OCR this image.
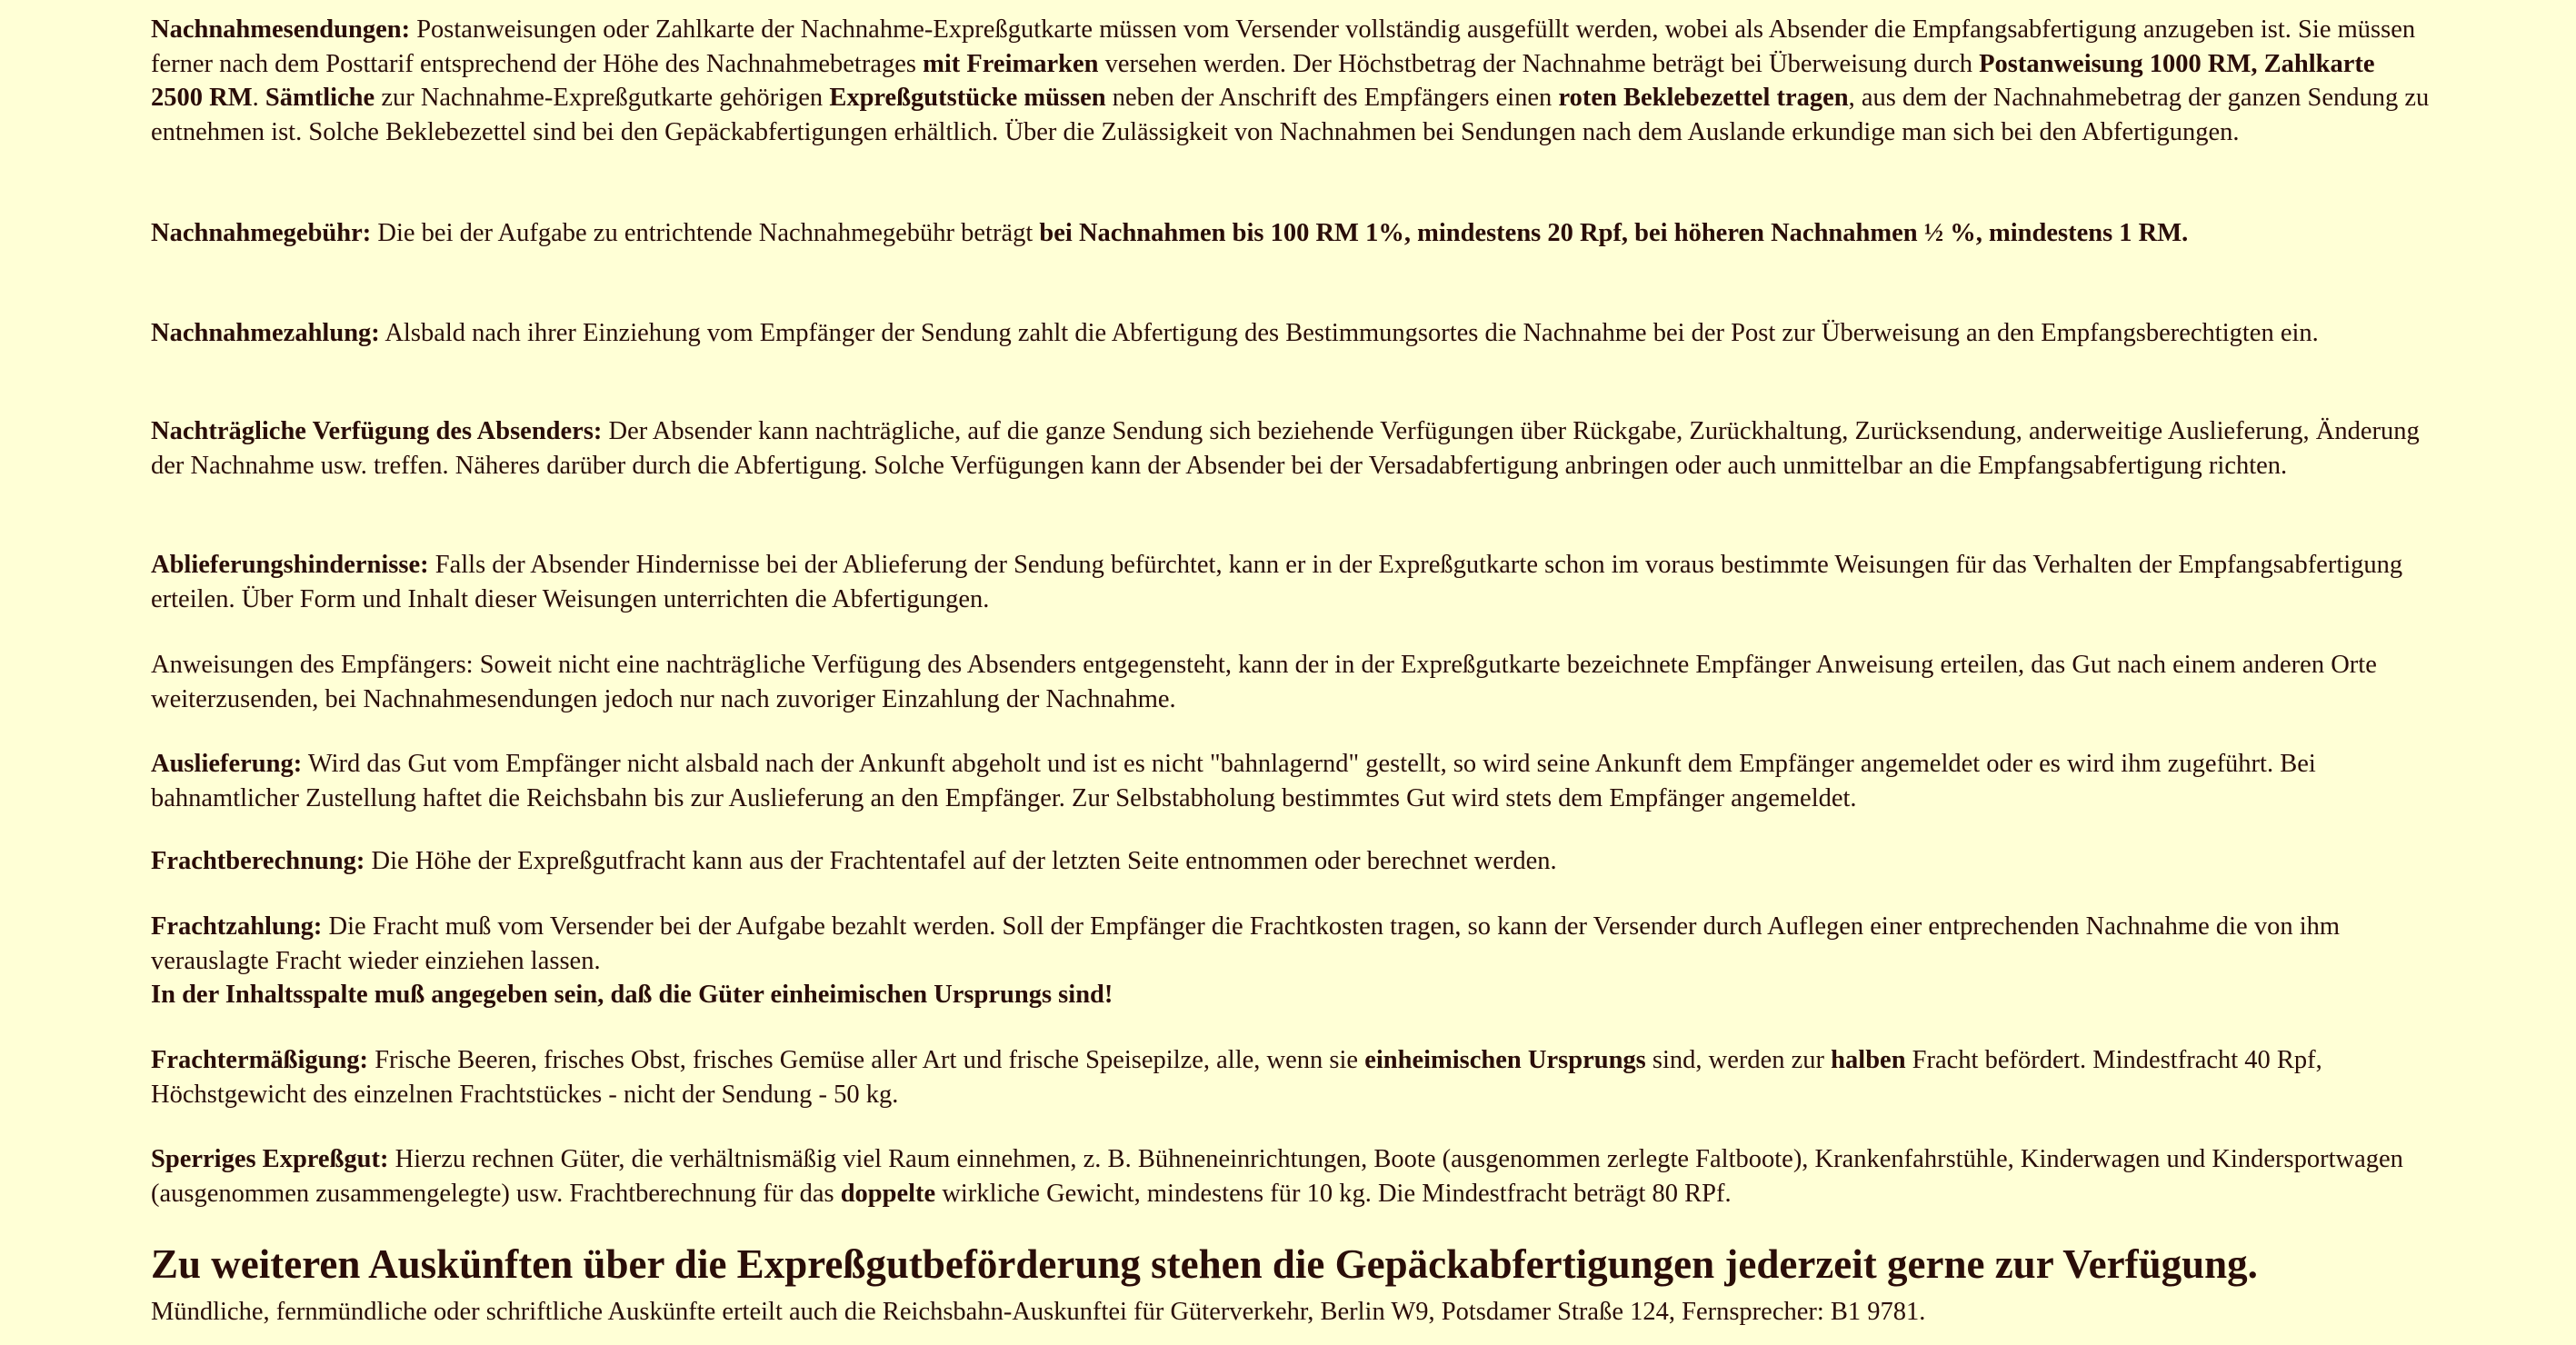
Nachnahmesendungen: Postanweisungen oder Zahlkarte der Nachnahme-Expreßgutkarte müssen vom Versender vollständig ausgefüllt werden, wobei als Absender die Empfangsabfertigung anzugeben ist. Sie müssen ferner nach dem Posttarif entsprechend der Höhe des Nachnahmebetrages mit Freimarken versehen werden. Der Höchstbetrag der Nachnahme beträgt bei Überweisung durch Postanweisung 1000 RM, Zahlkarte 2500 RM. Sämtliche zur Nachnahme-Expreßgutkarte gehörigen Expreßgutstücke müssen neben der Anschrift des Empfängers einen roten Beklebezettel tragen, aus dem der Nachnahmebetrag der ganzen Sendung zu entnehmen ist. Solche Beklebezettel sind bei den Gepäckabfertigungen erhältlich. Über die Zulässigkeit von Nachnahmen bei Sendungen nach dem Auslande erkundige man sich bei den Abfertigungen.

Nachnahmegebühr: Die bei der Aufgabe zu entrichtende Nachnahmegebühr beträgt bei Nachnahmen bis 100 RM 1%, mindestens 20 Rpf, bei höheren Nachnahmen ½ %, mindestens 1 RM.

Nachnahmezahlung: Alsbald nach ihrer Einziehung vom Empfänger der Sendung zahlt die Abfertigung des Bestimmungsortes die Nachnahme bei der Post zur Überweisung an den Empfangsberechtigten ein.

Nachträgliche Verfügung des Absenders: Der Absender kann nachträgliche, auf die ganze Sendung sich beziehende Verfügungen über Rückgabe, Zurückhaltung, Zurücksendung, anderweitige Auslieferung, Änderung der Nachnahme usw. treffen. Näheres darüber durch die Abfertigung. Solche Verfügungen kann der Absender bei der Versadabfertigung anbringen oder auch unmittelbar an die Empfangsabfertigung richten.

Ablieferungshindernisse: Falls der Absender Hindernisse bei der Ablieferung der Sendung befürchtet, kann er in der Expreßgutkarte schon im voraus bestimmte Weisungen für das Verhalten der Empfangsabfertigung erteilen. Über Form und Inhalt dieser Weisungen unterrichten die Abfertigungen.

Anweisungen des Empfängers: Soweit nicht eine nachträgliche Verfügung des Absenders entgegensteht, kann der in der Expreßgutkarte bezeichnete Empfänger Anweisung erteilen, das Gut nach einem anderen Orte weiterzusenden, bei Nachnahmesendungen jedoch nur nach zuvoriger Einzahlung der Nachnahme.

Auslieferung: Wird das Gut vom Empfänger nicht alsbald nach der Ankunft abgeholt und ist es nicht "bahnlagernd" gestellt, so wird seine Ankunft dem Empfänger angemeldet oder es wird ihm zugeführt. Bei bahnamtlicher Zustellung haftet die Reichsbahn bis zur Auslieferung an den Empfänger. Zur Selbstabholung bestimmtes Gut wird stets dem Empfänger angemeldet.

Frachtberechnung: Die Höhe der Expreßgutfracht kann aus der Frachtentafel auf der letzten Seite entnommen oder berechnet werden.

Frachtzahlung: Die Fracht muß vom Versender bei der Aufgabe bezahlt werden. Soll der Empfänger die Frachtkosten tragen, so kann der Versender durch Auflegen einer entprechenden Nachnahme die von ihm verauslagte Fracht wieder einziehen lassen.
In der Inhaltsspalte muß angegeben sein, daß die Güter einheimischen Ursprungs sind!

Frachtermäßigung: Frische Beeren, frisches Obst, frisches Gemüse aller Art und frische Speisepilze, alle, wenn sie einheimischen Ursprungs sind, werden zur halben Fracht befördert. Mindestfracht 40 Rpf, Höchstgewicht des einzelnen Frachtstückes - nicht der Sendung - 50 kg.

Sperriges Expreßgut: Hierzu rechnen Güter, die verhältnismäßig viel Raum einnehmen, z. B. Bühneneinrichtungen, Boote (ausgenommen zerlegte Faltboote), Krankenfahrstühle, Kinderwagen und Kindersportwagen (ausgenommen zusammengelegte) usw. Frachtberechnung für das doppelte wirkliche Gewicht, mindestens für 10 kg. Die Mindestfracht beträgt 80 RPf.

Zu weiteren Auskünften über die Expreßgutbeförderung stehen die Gepäckabfertigungen jederzeit gerne zur Verfügung.

Mündliche, fernmündliche oder schriftliche Auskünfte erteilt auch die Reichsbahn-Auskunftei für Güterverkehr, Berlin W9, Potsdamer Straße 124, Fernsprecher: B1 9781.
